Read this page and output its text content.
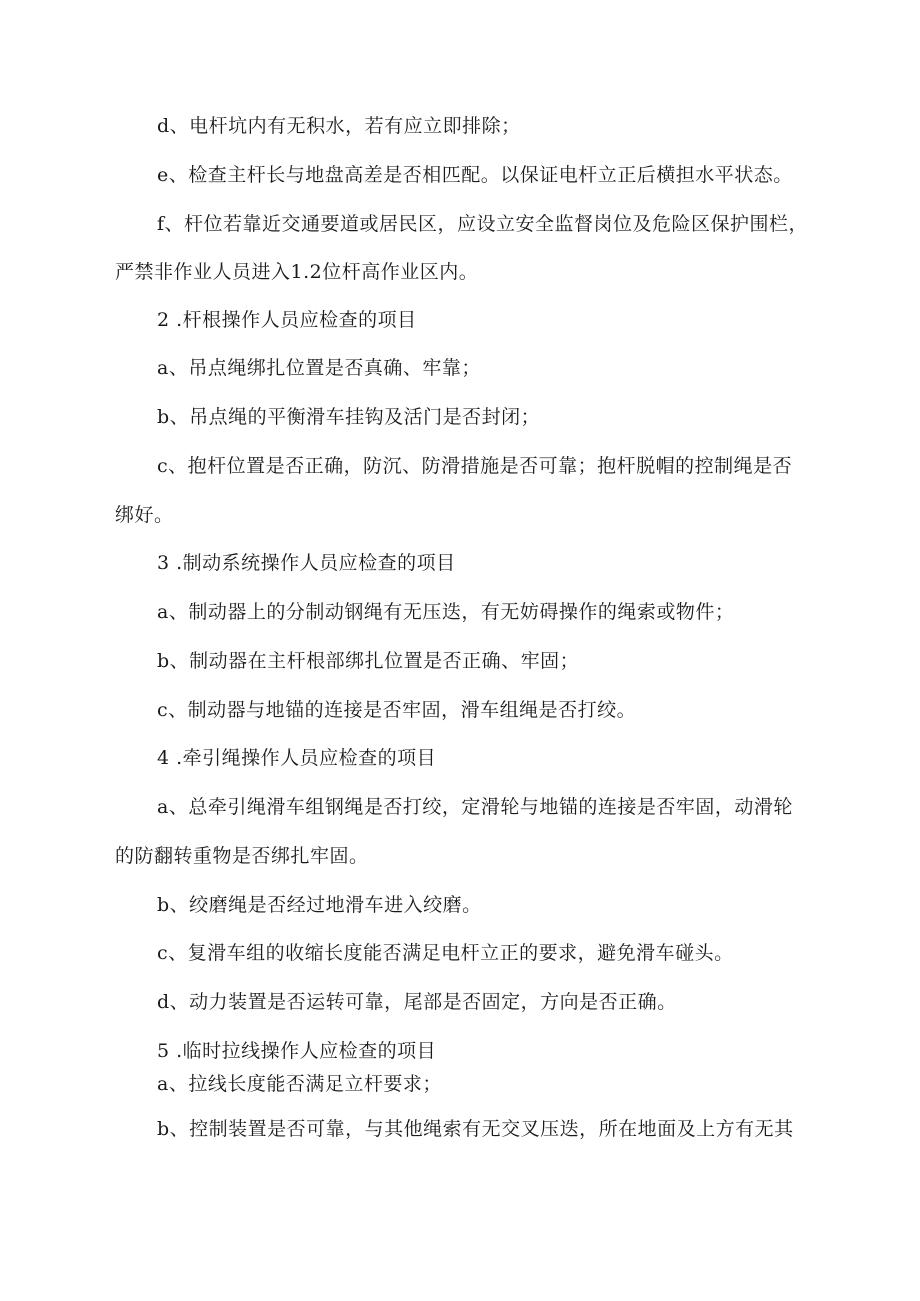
d、电杆坑内有无积水，若有应立即排除；
e、检查主杆长与地盘高差是否相匹配。以保证电杆立正后横担水平状态。
f、杆位若靠近交通要道或居民区，应设立安全监督岗位及危险区保护围栏，
严禁非作业人员进入1.2位杆高作业区内。
2 .杆根操作人员应检查的项目
a、吊点绳绑扎位置是否真确、牢靠；
b、吊点绳的平衡滑车挂钩及活门是否封闭；
c、抱杆位置是否正确，防沉、防滑措施是否可靠；抱杆脱帽的控制绳是否
绑好。
3 .制动系统操作人员应检查的项目
a、制动器上的分制动钢绳有无压迭，有无妨碍操作的绳索或物件；
b、制动器在主杆根部绑扎位置是否正确、牢固；
c、制动器与地锚的连接是否牢固，滑车组绳是否打绞。
4 .牵引绳操作人员应检查的项目
a、总牵引绳滑车组钢绳是否打绞，定滑轮与地锚的连接是否牢固，动滑轮
的防翻转重物是否绑扎牢固。
b、绞磨绳是否经过地滑车进入绞磨。
c、复滑车组的收缩长度能否满足电杆立正的要求，避免滑车碰头。
d、动力装置是否运转可靠，尾部是否固定，方向是否正确。
5 .临时拉线操作人应检查的项目
a、拉线长度能否满足立杆要求；
b、控制装置是否可靠，与其他绳索有无交叉压迭，所在地面及上方有无其
